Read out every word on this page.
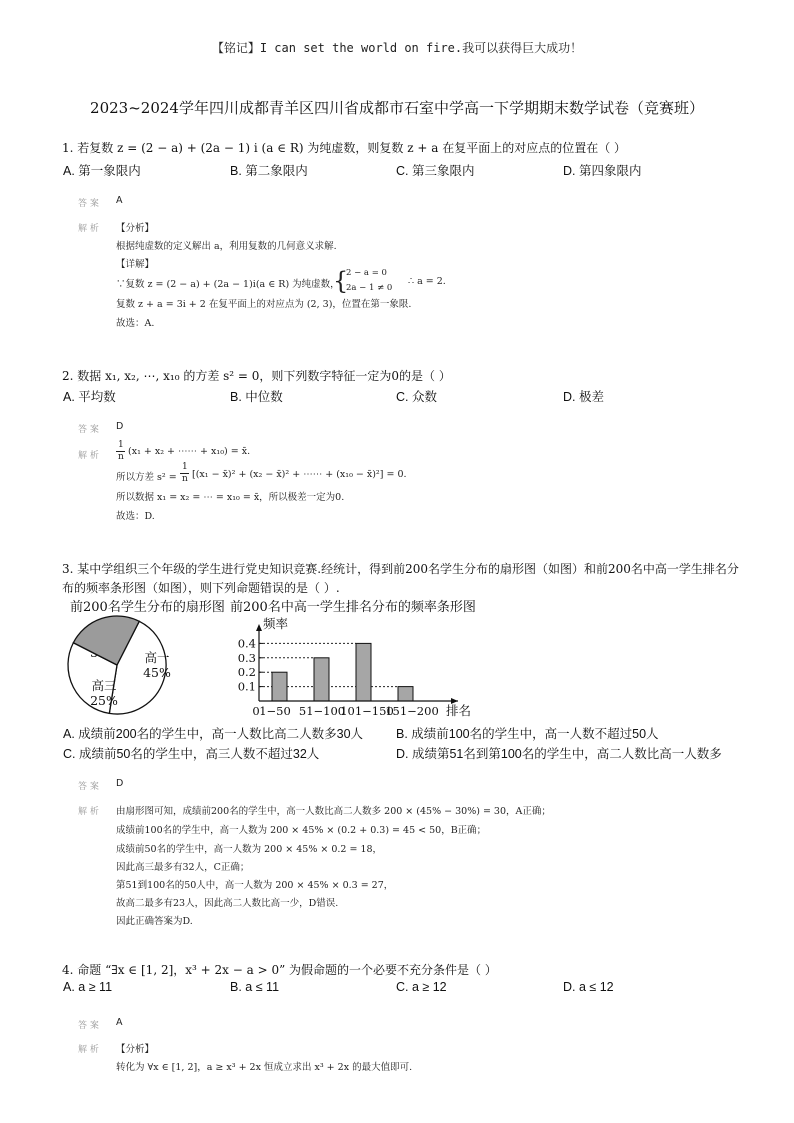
【铭记】I can set the world on fire.我可以获得巨大成功！
2023~2024学年四川成都青羊区四川省成都市石室中学高一下学期期末数学试卷（竞赛班）
1. 若复数 z = (2 − a) + (2a − 1) i (a ∈ R) 为纯虚数，则复数 z + a 在复平面上的对应点的位置在（ ）
A. 第一象限内	B. 第二象限内	C. 第三象限内	D. 第四象限内
答 案 A
解 析 【分析】
根据纯虚数的定义解出 a，利用复数的几何意义求解.
【详解】
∵复数 z = (2 − a) + (2a − 1)i(a ∈ R) 为纯虚数，
{
2 − a = 0
2a − 1 ≠ 0
∴ a = 2.
复数 z + a = 3i + 2 在复平面上的对应点为 (2, 3)，位置在第一象限.
故选：A.
2. 数据 x₁, x₂, ⋯, x₁₀ 的方差 s² = 0，则下列数字特征一定为0的是（ ）
A. 平均数	B. 中位数	C. 众数	D. 极差
答 案 D
解 析
1
n (x₁ + x₂ + ⋯⋯ + x₁₀) = x̄.
所以方差 s² =
1
n [(x₁ − x̄)² + (x₂ − x̄)² + ⋯⋯ + (x₁₀ − x̄)²] = 0.
所以数据 x₁ = x₂ = ⋯ = x₁₀ = x̄，所以极差一定为0.
故选：D.
3. 某中学组织三个年级的学生进行党史知识竞赛.经统计，得到前200名学生分布的扇形图（如图）和前200名中高一学生排名分
布的频率条形图（如图），则下列命题错误的是（ ）.
前200名学生分布的扇形图 前200名中高一学生排名分布的频率条形图
高一
45%
高三
25%
0.1
0.2
0.3
0.4
频率
排名
0 1−50 51−100
101−150
151−200
A. 成绩前200名的学生中，高一人数比高二人数多30人	B. 成绩前100名的学生中，高一人数不超过50人
C. 成绩前50名的学生中，高三人数不超过32人	D. 成绩第51名到第100名的学生中，高二人数比高一人数多
答 案 D
解 析 由扇形图可知，成绩前200名的学生中，高一人数比高二人数多 200 × (45% − 30%) = 30，A正确；
成绩前100名的学生中，高一人数为 200 × 45% × (0.2 + 0.3) = 45 < 50，B正确；
成绩前50名的学生中，高一人数为 200 × 45% × 0.2 = 18，
因此高三最多有32人，C正确；
第51到100名的50人中，高一人数为 200 × 45% × 0.3 = 27，
故高二最多有23人，因此高二人数比高一少，D错误.
因此正确答案为D.
4. 命题 “∃x ∈ [1, 2]，x³ + 2x − a > 0” 为假命题的一个必要不充分条件是（ ）
A. a ≥ 11	B. a ≤ 11	C. a ≥ 12	D. a ≤ 12
答 案 A
解 析 【分析】
转化为 ∀x ∈ [1, 2]，a ≥ x³ + 2x 恒成立求出 x³ + 2x 的最大值即可.
